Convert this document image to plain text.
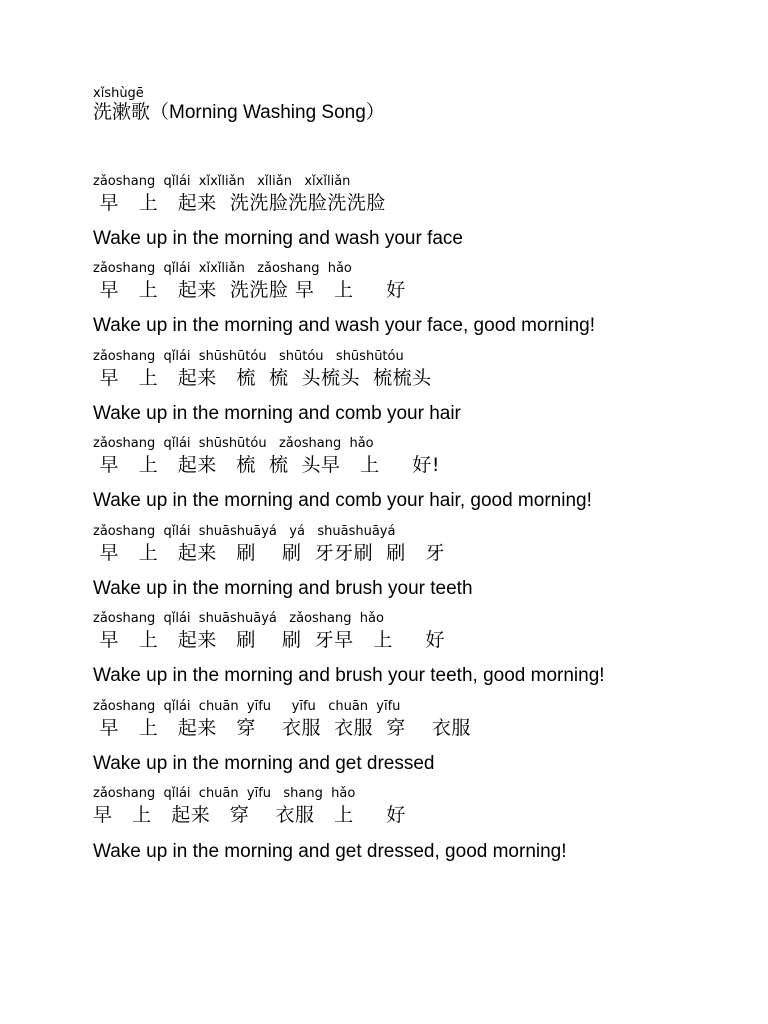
xǐshùgē
洗漱歌（Morning Washing Song）
zǎoshang  qǐlái  xǐxǐliǎn   xǐliǎn   xǐxǐliǎn
早   上   起来  洗洗脸洗脸洗洗脸
Wake up in the morning and wash your face
zǎoshang  qǐlái  xǐxǐliǎn   zǎoshang  hǎo
早   上   起来  洗洗脸 早   上     好
Wake up in the morning and wash your face, good morning!
zǎoshang  qǐlái  shūshūtóu   shūtóu   shūshūtóu
早   上   起来   梳  梳  头梳头  梳梳头
Wake up in the morning and comb your hair
zǎoshang  qǐlái  shūshūtóu   zǎoshang  hǎo
早   上   起来   梳  梳  头早   上     好!
Wake up in the morning and comb your hair, good morning!
zǎoshang  qǐlái  shuāshuāyá   yá   shuāshuāyá
早   上   起来   刷    刷  牙牙刷  刷   牙
Wake up in the morning and brush your teeth
zǎoshang  qǐlái  shuāshuāyá   zǎoshang  hǎo
早   上   起来   刷    刷  牙早   上     好
Wake up in the morning and brush your teeth, good morning!
zǎoshang  qǐlái  chuān  yīfu     yīfu   chuān  yīfu
早   上   起来   穿    衣服  衣服  穿    衣服
Wake up in the morning and get dressed
zǎoshang  qǐlái  chuān  yīfu   shang  hǎo
早   上   起来   穿    衣服   上     好
Wake up in the morning and get dressed, good morning!
